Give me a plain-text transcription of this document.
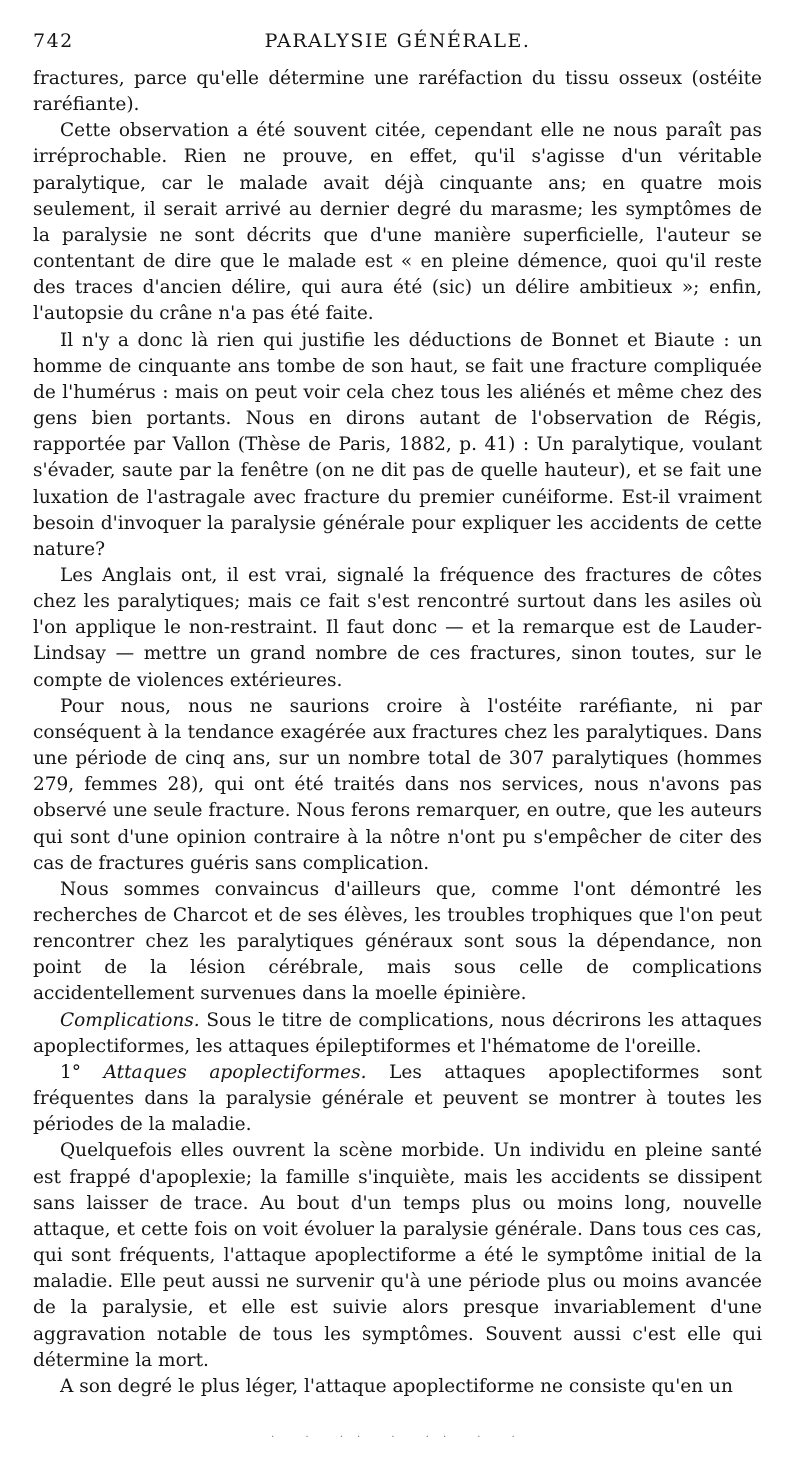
742	PARALYSIE GÉNÉRALE.

fractures, parce qu'elle détermine une raréfaction du tissu osseux (ostéite raréfiante).

Cette observation a été souvent citée, cependant elle ne nous paraît pas irréprochable. Rien ne prouve, en effet, qu'il s'agisse d'un véritable paralytique, car le malade avait déjà cinquante ans; en quatre mois seulement, il serait arrivé au dernier degré du marasme; les symptômes de la paralysie ne sont décrits que d'une manière superficielle, l'auteur se contentant de dire que le malade est « en pleine démence, quoi qu'il reste des traces d'ancien délire, qui aura été (sic) un délire ambitieux »; enfin, l'autopsie du crâne n'a pas été faite.

Il n'y a donc là rien qui justifie les déductions de Bonnet et Biaute : un homme de cinquante ans tombe de son haut, se fait une fracture compliquée de l'humérus : mais on peut voir cela chez tous les aliénés et même chez des gens bien portants. Nous en dirons autant de l'observation de Régis, rapportée par Vallon (Thèse de Paris, 1882, p. 41) : Un paralytique, voulant s'évader, saute par la fenêtre (on ne dit pas de quelle hauteur), et se fait une luxation de l'astragale avec fracture du premier cunéiforme. Est-il vraiment besoin d'invoquer la paralysie générale pour expliquer les accidents de cette nature?

Les Anglais ont, il est vrai, signalé la fréquence des fractures de côtes chez les paralytiques; mais ce fait s'est rencontré surtout dans les asiles où l'on applique le non-restraint. Il faut donc — et la remarque est de Lauder-Lindsay — mettre un grand nombre de ces fractures, sinon toutes, sur le compte de violences extérieures.

Pour nous, nous ne saurions croire à l'ostéite raréfiante, ni par conséquent à la tendance exagérée aux fractures chez les paralytiques. Dans une période de cinq ans, sur un nombre total de 307 paralytiques (hommes 279, femmes 28), qui ont été traités dans nos services, nous n'avons pas observé une seule fracture. Nous ferons remarquer, en outre, que les auteurs qui sont d'une opinion contraire à la nôtre n'ont pu s'empêcher de citer des cas de fractures guéris sans complication.

Nous sommes convaincus d'ailleurs que, comme l'ont démontré les recherches de Charcot et de ses élèves, les troubles trophiques que l'on peut rencontrer chez les paralytiques généraux sont sous la dépendance, non point de la lésion cérébrale, mais sous celle de complications accidentellement survenues dans la moelle épinière.

Complications. Sous le titre de complications, nous décrirons les attaques apoplectiformes, les attaques épileptiformes et l'hématome de l'oreille.

1° Attaques apoplectiformes. Les attaques apoplectiformes sont fréquentes dans la paralysie générale et peuvent se montrer à toutes les périodes de la maladie.

Quelquefois elles ouvrent la scène morbide. Un individu en pleine santé est frappé d'apoplexie; la famille s'inquiète, mais les accidents se dissipent sans laisser de trace. Au bout d'un temps plus ou moins long, nouvelle attaque, et cette fois on voit évoluer la paralysie générale. Dans tous ces cas, qui sont fréquents, l'attaque apoplectiforme a été le symptôme initial de la maladie. Elle peut aussi ne survenir qu'à une période plus ou moins avancée de la paralysie, et elle est suivie alors presque invariablement d'une aggravation notable de tous les symptômes. Souvent aussi c'est elle qui détermine la mort.

A son degré le plus léger, l'attaque apoplectiforme ne consiste qu'en un

· · ·· · ·· · ·
